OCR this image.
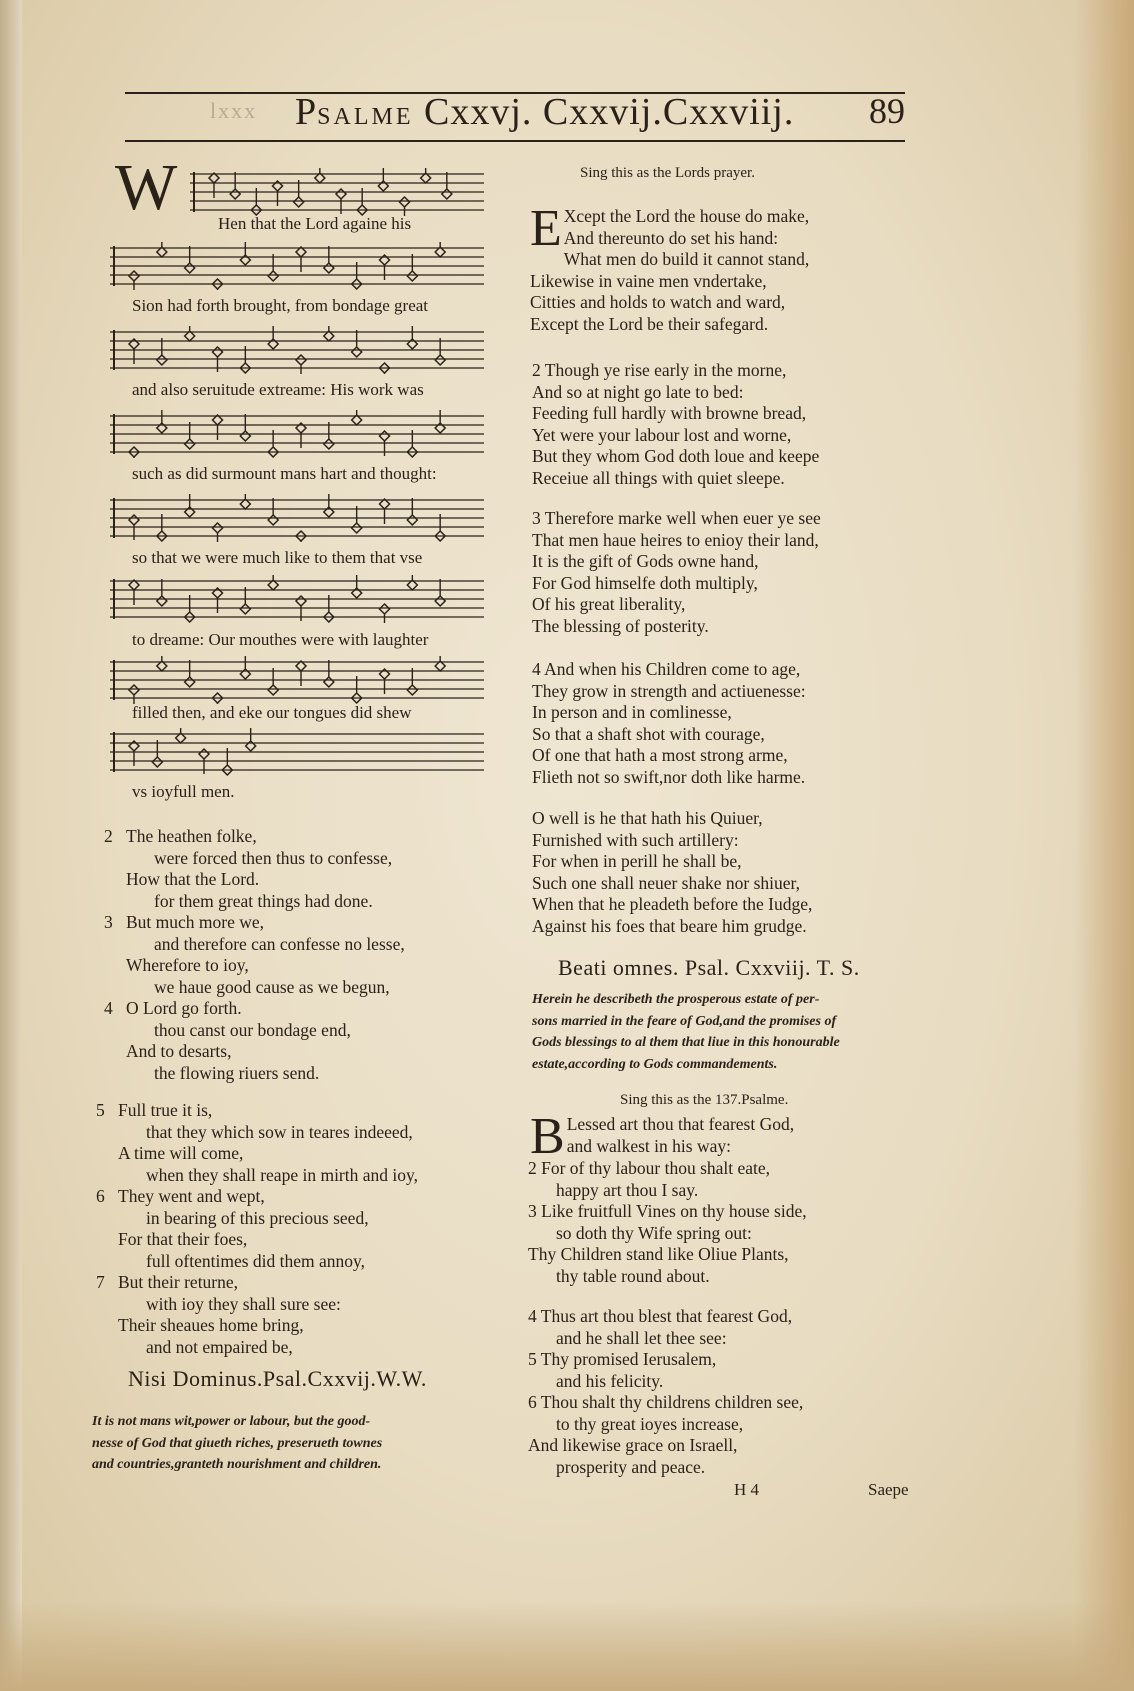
lxxx PSALME Cxxvj. Cxxvij.Cxxviij. 89
W Hen that the Lord againe his
Sion had forth brought, from bondage great
and also seruitude extreame: His work was
such as did surmount mans hart and thought:
so that we were much like to them that vse
to dreame: Our mouthes were with laughter
filled then, and eke our tongues did shew
vs ioyfull men.
2 The heathen folke,
were forced then thus to confesse,
How that the Lord.
for them great things had done.
3 But much more we,
and therefore can confesse no lesse,
Wherefore to ioy,
we haue good cause as we begun,
4 O Lord go forth.
thou canst our bondage end,
And to desarts,
the flowing riuers send.
5 Full true it is,
that they which sow in teares indeeed,
A time will come,
when they shall reape in mirth and ioy,
6 They went and wept,
in bearing of this precious seed,
For that their foes,
full oftentimes did them annoy,
7 But their returne,
with ioy they shall sure see:
Their sheaues home bring,
and not empaired be,
Nisi Dominus.Psal.Cxxvij.W.W.
It is not mans wit,power or labour, but the good-
nesse of God that giueth riches, preserueth townes
and countries,granteth nourishment and children.
Sing this as the Lords prayer.
E Xcept the Lord the house do make,
And thereunto do set his hand:
What men do build it cannot stand,
Likewise in vaine men vndertake,
Citties and holds to watch and ward,
Except the Lord be their safegard.
2 Though ye rise early in the morne,
And so at night go late to bed:
Feeding full hardly with browne bread,
Yet were your labour lost and worne,
But they whom God doth loue and keepe
Receiue all things with quiet sleepe.
3 Therefore marke well when euer ye see
That men haue heires to enioy their land,
It is the gift of Gods owne hand,
For God himselfe doth multiply,
Of his great liberality,
The blessing of posterity.
4 And when his Children come to age,
They grow in strength and actiuenesse:
In person and in comlinesse,
So that a shaft shot with courage,
Of one that hath a most strong arme,
Flieth not so swift,nor doth like harme.
O well is he that hath his Quiuer,
Furnished with such artillery:
For when in perill he shall be,
Such one shall neuer shake nor shiuer,
When that he pleadeth before the Iudge,
Against his foes that beare him grudge.
Beati omnes. Psal. Cxxviij. T. S.
Herein he describeth the prosperous estate of per-
sons married in the feare of God,and the promises of
Gods blessings to al them that liue in this honourable
estate,according to Gods commandements.
Sing this as the 137.Psalme.
B Lessed art thou that fearest God,
and walkest in his way:
2 For of thy labour thou shalt eate,
happy art thou I say.
3 Like fruitfull Vines on thy house side,
so doth thy Wife spring out:
Thy Children stand like Oliue Plants,
thy table round about.
4 Thus art thou blest that fearest God,
and he shall let thee see:
5 Thy promised Ierusalem,
and his felicity.
6 Thou shalt thy childrens children see,
to thy great ioyes increase,
And likewise grace on Israell,
prosperity and peace.
H 4	Saepe
